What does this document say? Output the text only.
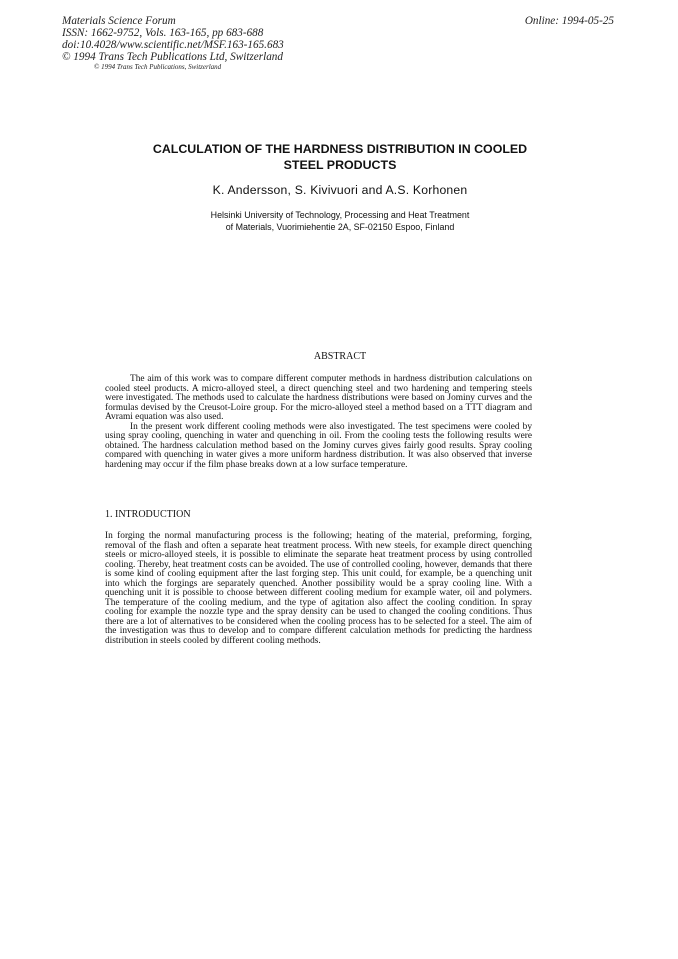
Materials Science Forum
ISSN: 1662-9752, Vols. 163-165, pp 683-688
doi:10.4028/www.scientific.net/MSF.163-165.683
© 1994 Trans Tech Publications Ltd, Switzerland
© 1994 Trans Tech Publications, Switzerland
Online: 1994-05-25
CALCULATION OF THE HARDNESS DISTRIBUTION IN COOLED
STEEL PRODUCTS
K. Andersson, S. Kivivuori and A.S. Korhonen
Helsinki University of Technology, Processing and Heat Treatment
of Materials, Vuorimiehentie 2A, SF-02150 Espoo, Finland
ABSTRACT

The aim of this work was to compare different computer methods in hardness distribution calculations on cooled steel products. A micro-alloyed steel, a direct quenching steel and two hardening and tempering steels were investigated. The methods used to calculate the hardness distributions were based on Jominy curves and the formulas devised by the Creusot-Loire group. For the micro-alloyed steel a method based on a TTT diagram and Avrami equation was also used.

In the present work different cooling methods were also investigated. The test specimens were cooled by using spray cooling, quenching in water and quenching in oil. From the cooling tests the following results were obtained. The hardness calculation method based on the Jominy curves gives fairly good results. Spray cooling compared with quenching in water gives a more uniform hardness distribution. It was also observed that inverse hardening may occur if the film phase breaks down at a low surface temperature.

1. INTRODUCTION

In forging the normal manufacturing process is the following; heating of the material, preforming, forging, removal of the flash and often a separate heat treatment process. With new steels, for example direct quenching steels or micro-alloyed steels, it is possible to eliminate the separate heat treatment process by using controlled cooling. Thereby, heat treatment costs can be avoided. The use of controlled cooling, however, demands that there is some kind of cooling equipment after the last forging step. This unit could, for example, be a quenching unit into which the forgings are separately quenched. Another possibility would be a spray cooling line. With a quenching unit it is possible to choose between different cooling medium for example water, oil and polymers. The temperature of the cooling medium, and the type of agitation also affect the cooling condition. In spray cooling for example the nozzle type and the spray density can be used to changed the cooling conditions. Thus there are a lot of alternatives to be considered when the cooling process has to be selected for a steel. The aim of the investigation was thus to develop and to compare different calculation methods for predicting the hardness distribution in steels cooled by different cooling methods.
